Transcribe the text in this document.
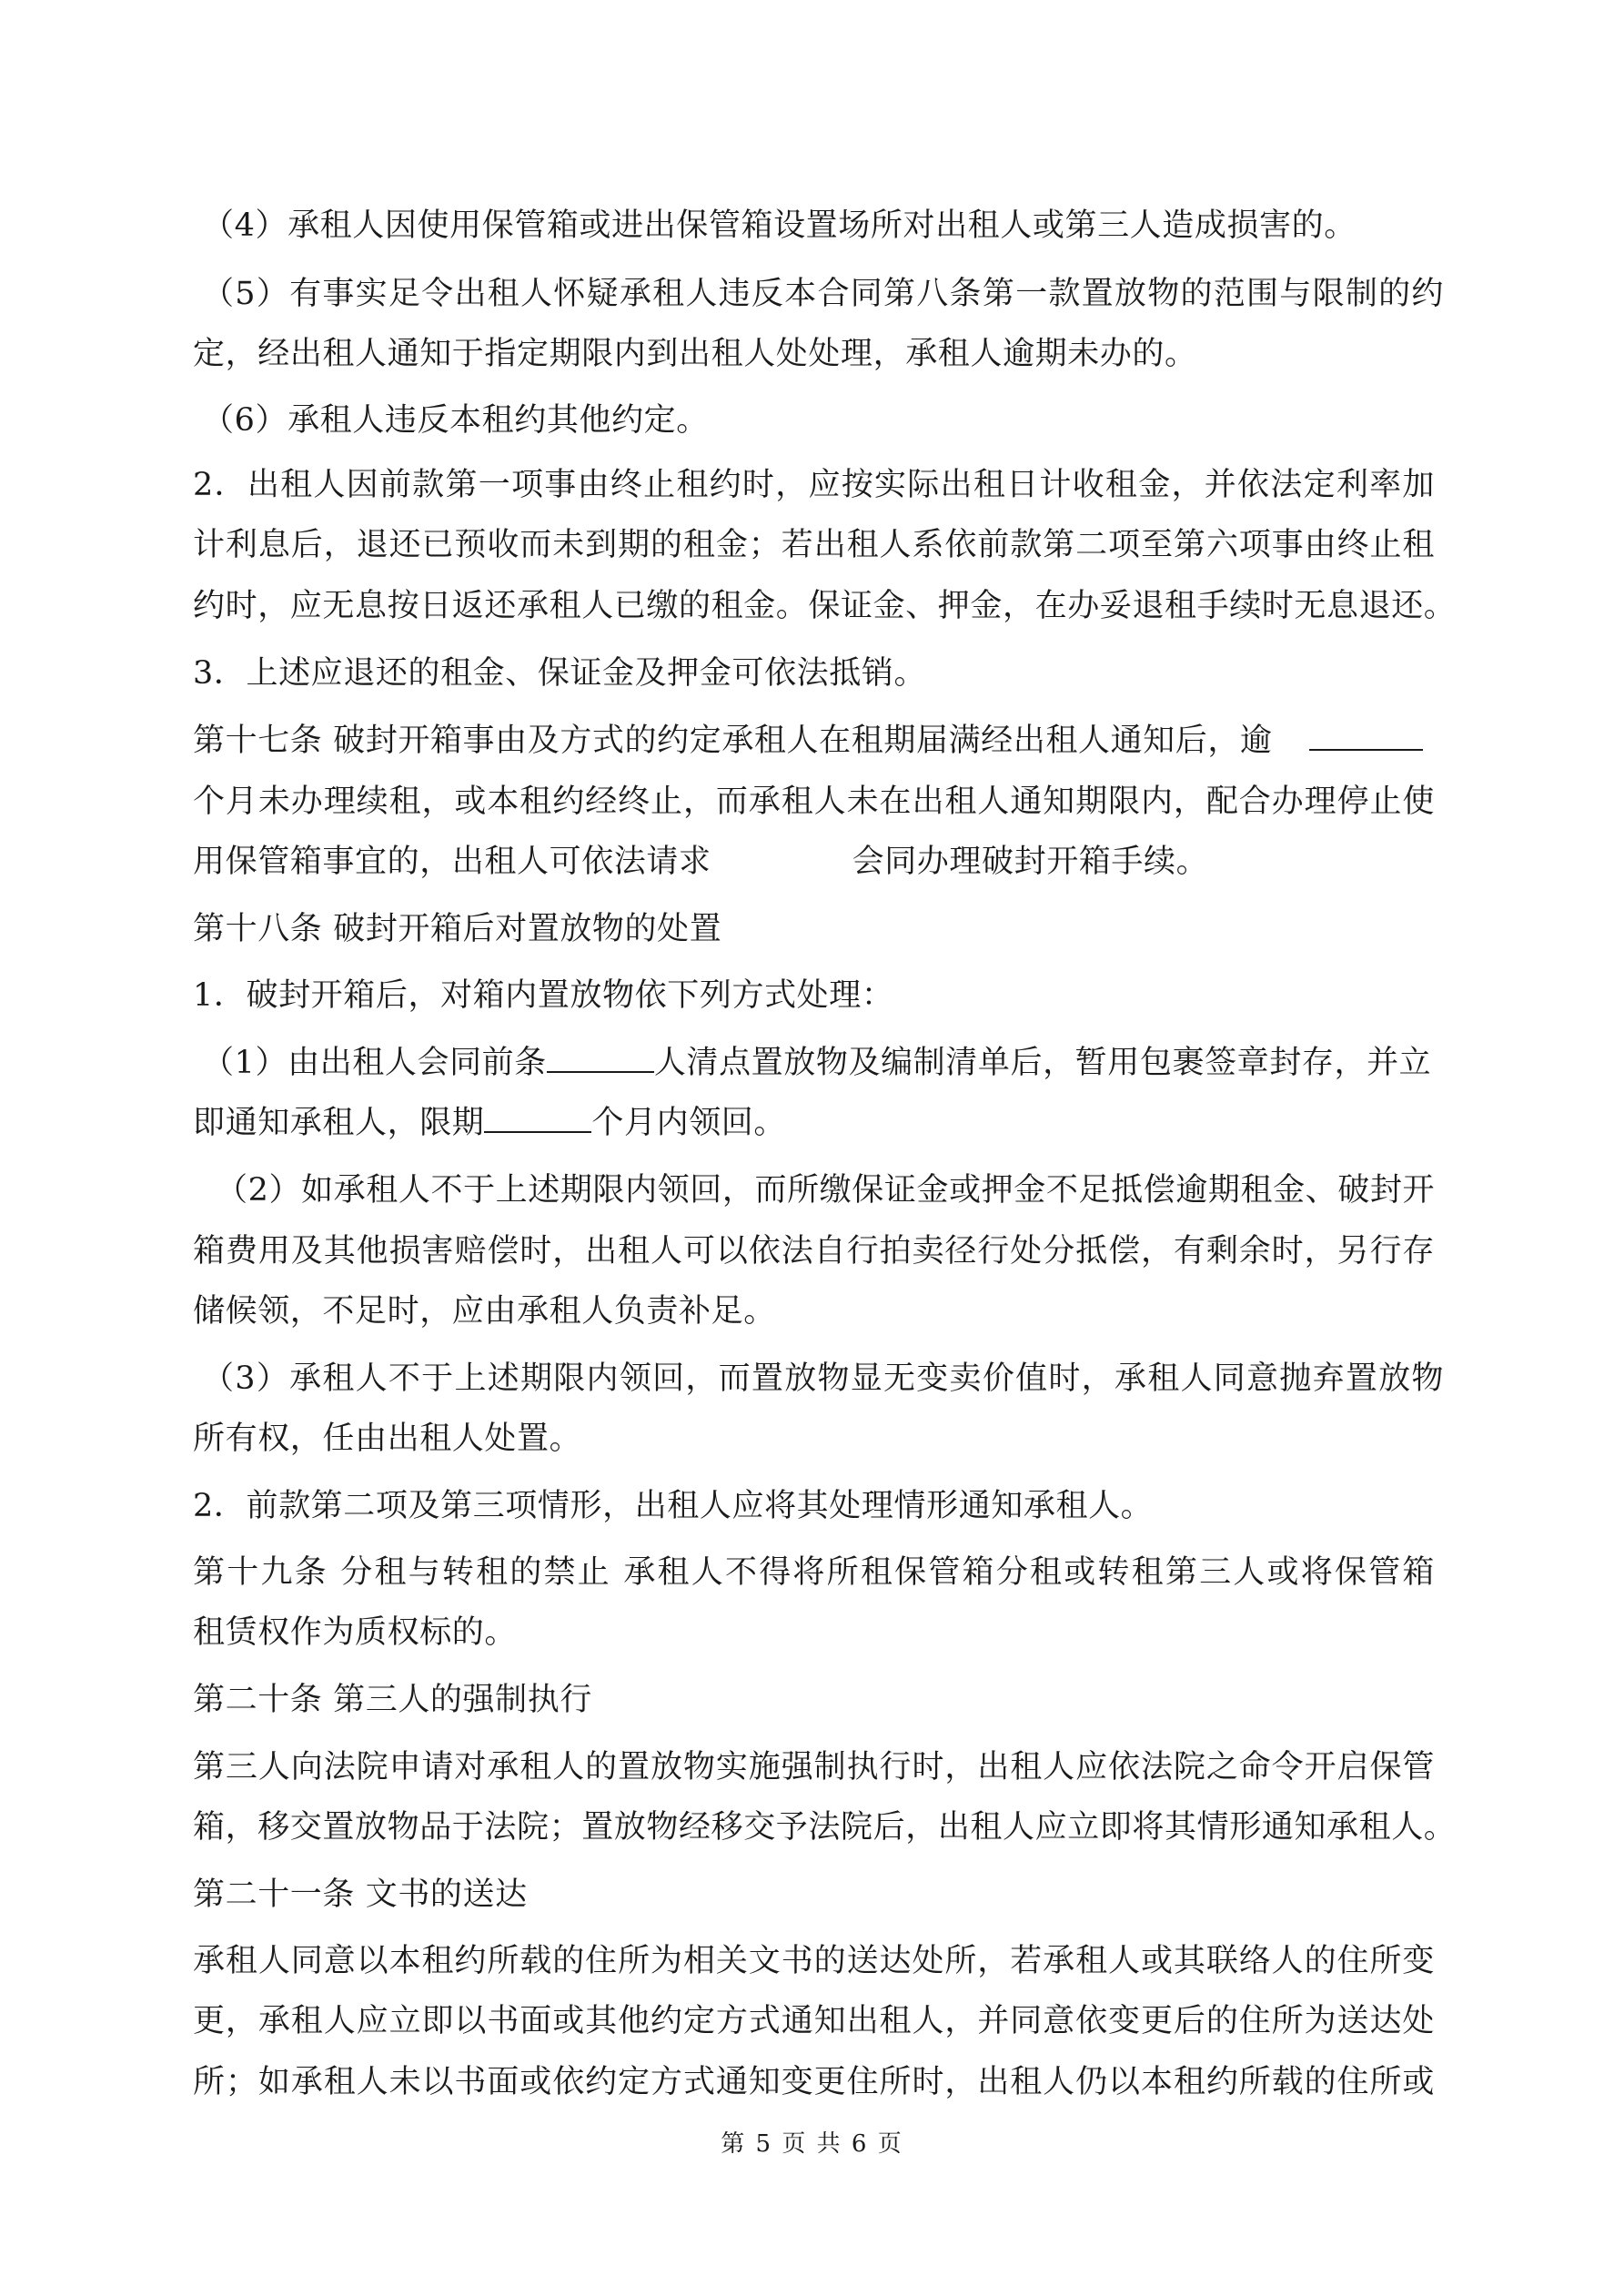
（4）承租人因使用保管箱或进出保管箱设置场所对出租人或第三人造成损害的。
（5）有事实足令出租人怀疑承租人违反本合同第八条第一款置放物的范围与限制的约
定，经出租人通知于指定期限内到出租人处处理，承租人逾期未办的。
（6）承租人违反本租约其他约定。
2．出租人因前款第一项事由终止租约时，应按实际出租日计收租金，并依法定利率加
计利息后，退还已预收而未到期的租金；若出租人系依前款第二项至第六项事由终止租
约时，应无息按日返还承租人已缴的租金。保证金、押金，在办妥退租手续时无息退还。
3．上述应退还的租金、保证金及押金可依法抵销。
第十七条 破封开箱事由及方式的约定承租人在租期届满经出租人通知后，逾
个月未办理续租，或本租约经终止，而承租人未在出租人通知期限内，配合办理停止使
用保管箱事宜的，出租人可依法请求	会同办理破封开箱手续。
第十八条 破封开箱后对置放物的处置
1．破封开箱后，对箱内置放物依下列方式处理：
（1）由出租人会同前条	人清点置放物及编制清单后，暂用包裹签章封存，并立
即通知承租人，限期	个月内领回。
（2）如承租人不于上述期限内领回，而所缴保证金或押金不足抵偿逾期租金、破封开
箱费用及其他损害赔偿时，出租人可以依法自行拍卖径行处分抵偿，有剩余时，另行存
储候领，不足时，应由承租人负责补足。
（3）承租人不于上述期限内领回，而置放物显无变卖价值时，承租人同意抛弃置放物
所有权，任由出租人处置。
2．前款第二项及第三项情形，出租人应将其处理情形通知承租人。
第十九条 分租与转租的禁止 承租人不得将所租保管箱分租或转租第三人或将保管箱
租赁权作为质权标的。
第二十条 第三人的强制执行
第三人向法院申请对承租人的置放物实施强制执行时，出租人应依法院之命令开启保管
箱，移交置放物品于法院；置放物经移交予法院后，出租人应立即将其情形通知承租人。
第二十一条 文书的送达
承租人同意以本租约所载的住所为相关文书的送达处所，若承租人或其联络人的住所变
更，承租人应立即以书面或其他约定方式通知出租人，并同意依变更后的住所为送达处
所；如承租人未以书面或依约定方式通知变更住所时，出租人仍以本租约所载的住所或
第 5 页 共 6 页
